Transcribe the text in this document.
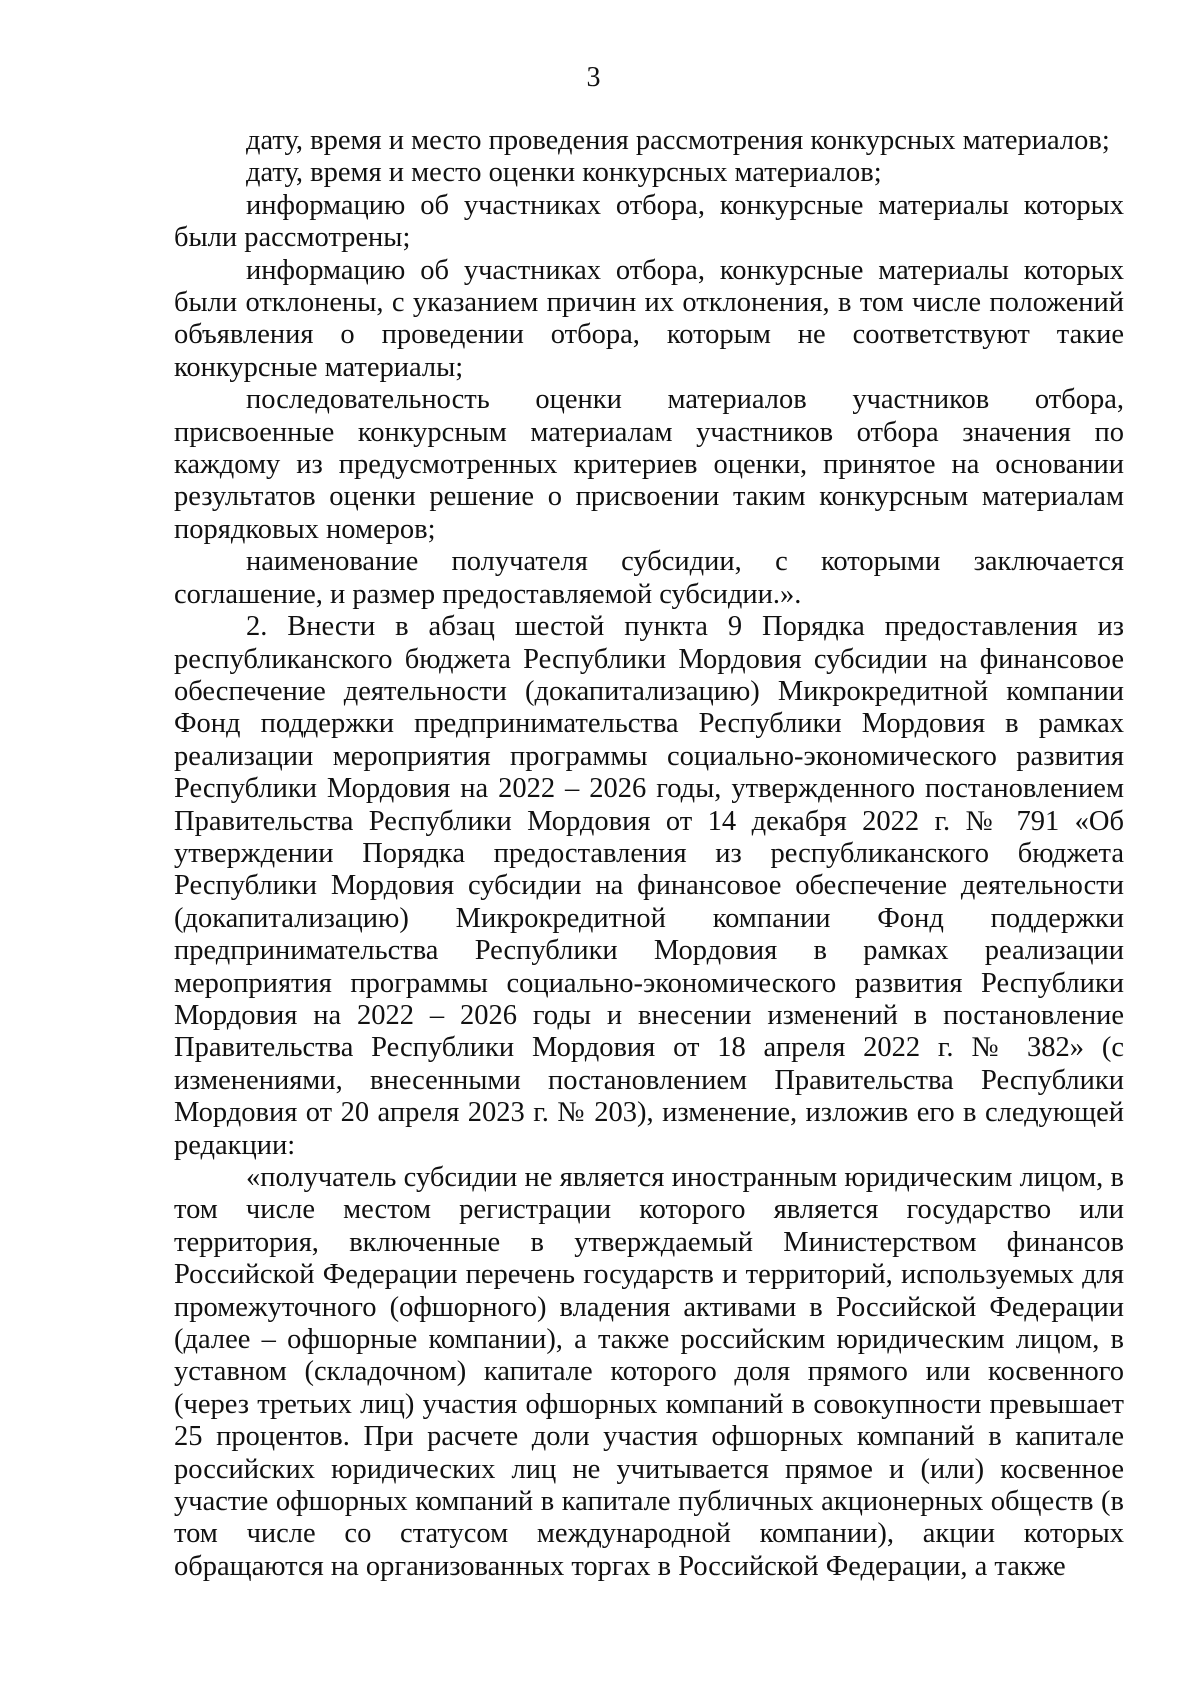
3

дату, время и место проведения рассмотрения конкурсных материалов;

дату, время и место оценки конкурсных материалов;

информацию об участниках отбора, конкурсные материалы которых были рассмотрены;

информацию об участниках отбора, конкурсные материалы которых были отклонены, с указанием причин их отклонения, в том числе положений объявления о проведении отбора, которым не соответствуют такие конкурсные материалы;

последовательность оценки материалов участников отбора, присвоенные конкурсным материалам участников отбора значения по каждому из предусмотренных критериев оценки, принятое на основании результатов оценки решение о присвоении таким конкурсным материалам порядковых номеров;

наименование получателя субсидии, с которыми заключается соглашение, и размер предоставляемой субсидии.».

2. Внести в абзац шестой пункта 9 Порядка предоставления из республиканского бюджета Республики Мордовия субсидии на финансовое обеспечение деятельности (докапитализацию) Микрокредитной компании Фонд поддержки предпринимательства Республики Мордовия в рамках реализации мероприятия программы социально-экономического развития Республики Мордовия на 2022 – 2026 годы, утвержденного постановлением Правительства Республики Мордовия от 14 декабря 2022 г. № 791 «Об утверждении Порядка предоставления из республиканского бюджета Республики Мордовия субсидии на финансовое обеспечение деятельности (докапитализацию) Микрокредитной компании Фонд поддержки предпринимательства Республики Мордовия в рамках реализации мероприятия программы социально-экономического развития Республики Мордовия на 2022 – 2026 годы и внесении изменений в постановление Правительства Республики Мордовия от 18 апреля 2022 г. № 382» (с изменениями, внесенными постановлением Правительства Республики Мордовия от 20 апреля 2023 г. № 203), изменение, изложив его в следующей редакции:

«получатель субсидии не является иностранным юридическим лицом, в том числе местом регистрации которого является государство или территория, включенные в утверждаемый Министерством финансов Российской Федерации перечень государств и территорий, используемых для промежуточного (офшорного) владения активами в Российской Федерации (далее – офшорные компании), а также российским юридическим лицом, в уставном (складочном) капитале которого доля прямого или косвенного (через третьих лиц) участия офшорных компаний в совокупности превышает 25 процентов. При расчете доли участия офшорных компаний в капитале российских юридических лиц не учитывается прямое и (или) косвенное участие офшорных компаний в капитале публичных акционерных обществ (в том числе со статусом международной компании), акции которых обращаются на организованных торгах в Российской Федерации, а также
